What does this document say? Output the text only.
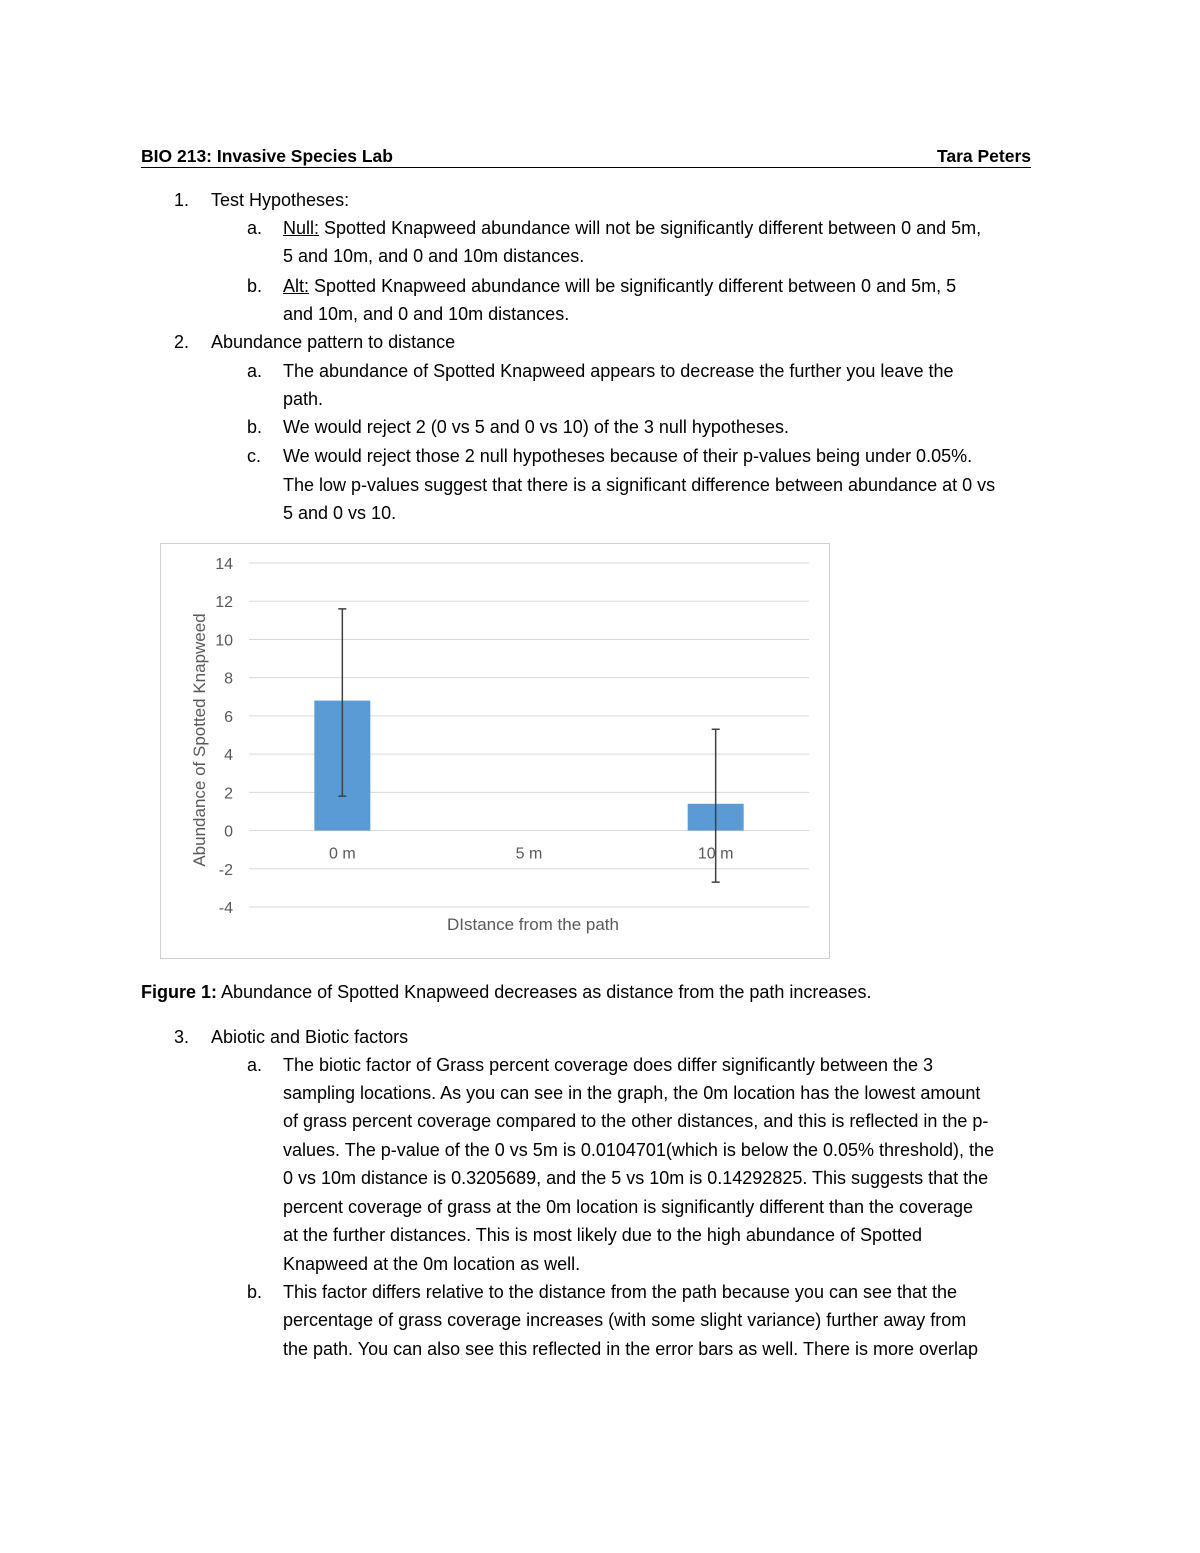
BIO 213: Invasive Species Lab	Tara Peters
1. Test Hypotheses:
a. Null: Spotted Knapweed abundance will not be significantly different between 0 and 5m,
5 and 10m, and 0 and 10m distances.
b. Alt: Spotted Knapweed abundance will be significantly different between 0 and 5m, 5
and 10m, and 0 and 10m distances.
2. Abundance pattern to distance
a. The abundance of Spotted Knapweed appears to decrease the further you leave the
path.
b. We would reject 2 (0 vs 5 and 0 vs 10) of the 3 null hypotheses.
c. We would reject those 2 null hypotheses because of their p-values being under 0.05%.
The low p-values suggest that there is a significant difference between abundance at 0 vs
5 and 0 vs 10.
-4
-2
0
2
4
6
8
10
12
14
0 m	5 m	10 m
DIstance from the path
Abundance of Spotted Knapweed
Figure 1: Abundance of Spotted Knapweed decreases as distance from the path increases.
3. Abiotic and Biotic factors
a. The biotic factor of Grass percent coverage does differ significantly between the 3
sampling locations. As you can see in the graph, the 0m location has the lowest amount
of grass percent coverage compared to the other distances, and this is reflected in the p-
values. The p-value of the 0 vs 5m is 0.0104701(which is below the 0.05% threshold), the
0 vs 10m distance is 0.3205689, and the 5 vs 10m is 0.14292825. This suggests that the
percent coverage of grass at the 0m location is significantly different than the coverage
at the further distances. This is most likely due to the high abundance of Spotted
Knapweed at the 0m location as well.
b. This factor differs relative to the distance from the path because you can see that the
percentage of grass coverage increases (with some slight variance) further away from
the path. You can also see this reflected in the error bars as well. There is more overlap
